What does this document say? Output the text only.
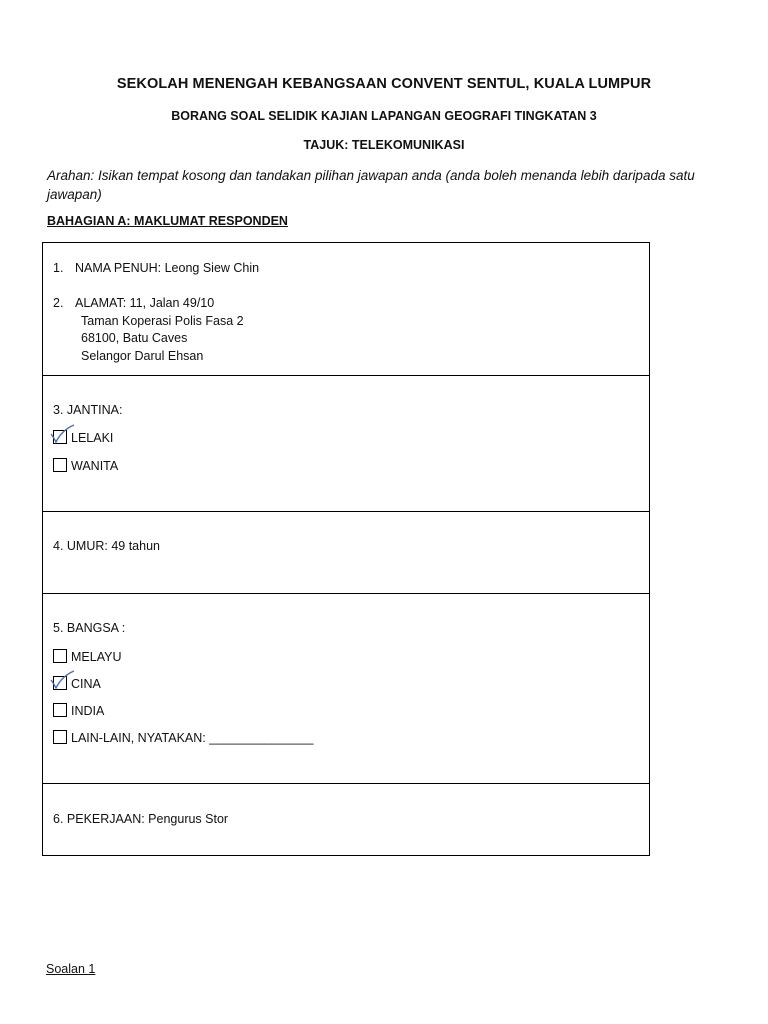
SEKOLAH MENENGAH KEBANGSAAN CONVENT SENTUL, KUALA LUMPUR
BORANG SOAL SELIDIK KAJIAN LAPANGAN GEOGRAFI TINGKATAN 3
TAJUK: TELEKOMUNIKASI
Arahan: Isikan tempat kosong dan tandakan pilihan jawapan anda (anda boleh menanda lebih daripada satu jawapan)
BAHAGIAN A: MAKLUMAT RESPONDEN
1. NAMA PENUH: Leong Siew Chin
2. ALAMAT: 11, Jalan 49/10
Taman Koperasi Polis Fasa 2
68100, Batu Caves
Selangor Darul Ehsan
3. JANTINA:
LELAKI
WANITA
4. UMUR: 49 tahun
5. BANGSA :
MELAYU
CINA
INDIA
LAIN-LAIN, NYATAKAN: _______________
6. PEKERJAAN: Pengurus Stor
Soalan 1
